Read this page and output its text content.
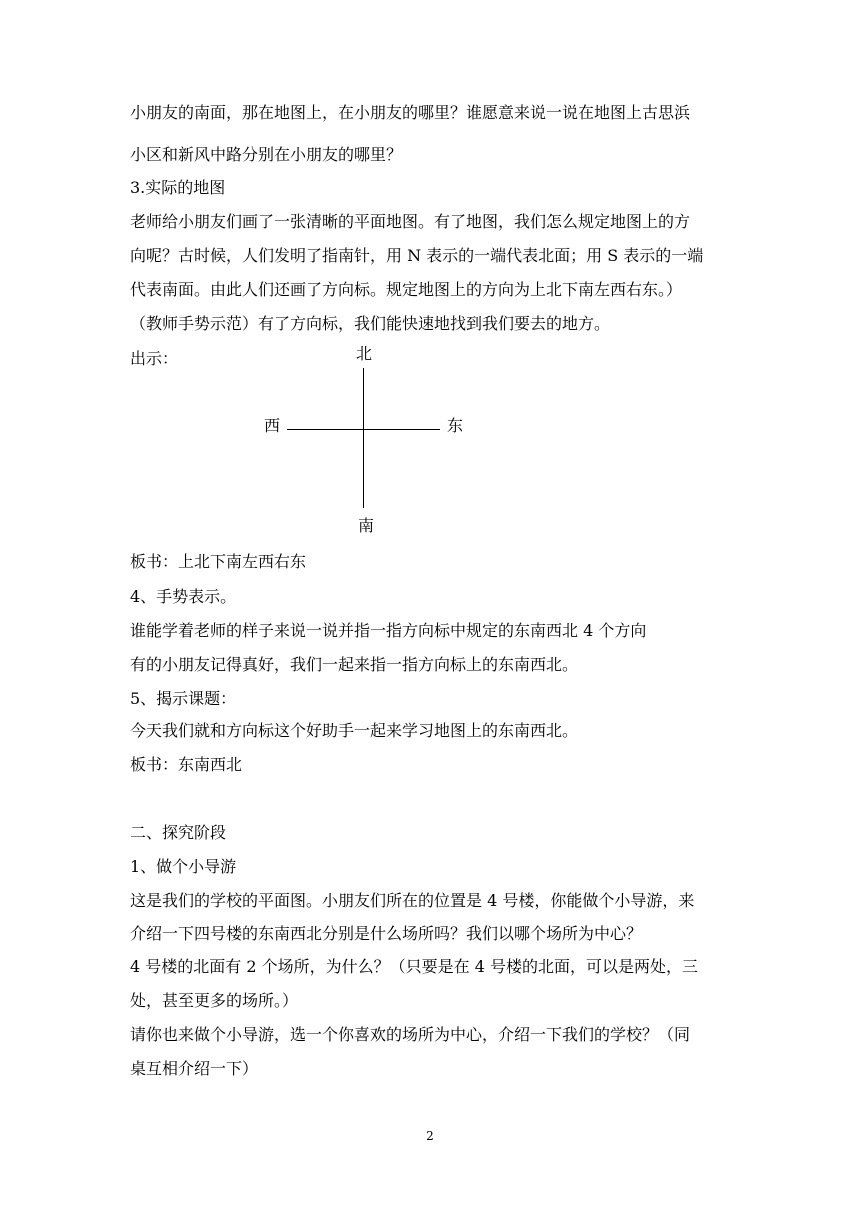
小朋友的南面，那在地图上，在小朋友的哪里？谁愿意来说一说在地图上古思浜
小区和新风中路分别在小朋友的哪里？
3.实际的地图
老师给小朋友们画了一张清晰的平面地图。有了地图，我们怎么规定地图上的方
向呢？古时候，人们发明了指南针，用 N 表示的一端代表北面；用 S 表示的一端
代表南面。由此人们还画了方向标。规定地图上的方向为上北下南左西右东。）
（教师手势示范）有了方向标，我们能快速地找到我们要去的地方。
出示：	北
西	东
南
板书：上北下南左西右东
4、手势表示。
谁能学着老师的样子来说一说并指一指方向标中规定的东南西北 4 个方向
有的小朋友记得真好，我们一起来指一指方向标上的东南西北。
5、揭示课题：
今天我们就和方向标这个好助手一起来学习地图上的东南西北。
板书：东南西北
二、探究阶段
1、做个小导游
这是我们的学校的平面图。小朋友们所在的位置是 4 号楼，你能做个小导游，来
介绍一下四号楼的东南西北分别是什么场所吗？我们以哪个场所为中心？
4 号楼的北面有 2 个场所，为什么？（只要是在 4 号楼的北面，可以是两处，三
处，甚至更多的场所。）
请你也来做个小导游，选一个你喜欢的场所为中心，介绍一下我们的学校？（同
桌互相介绍一下）
2
